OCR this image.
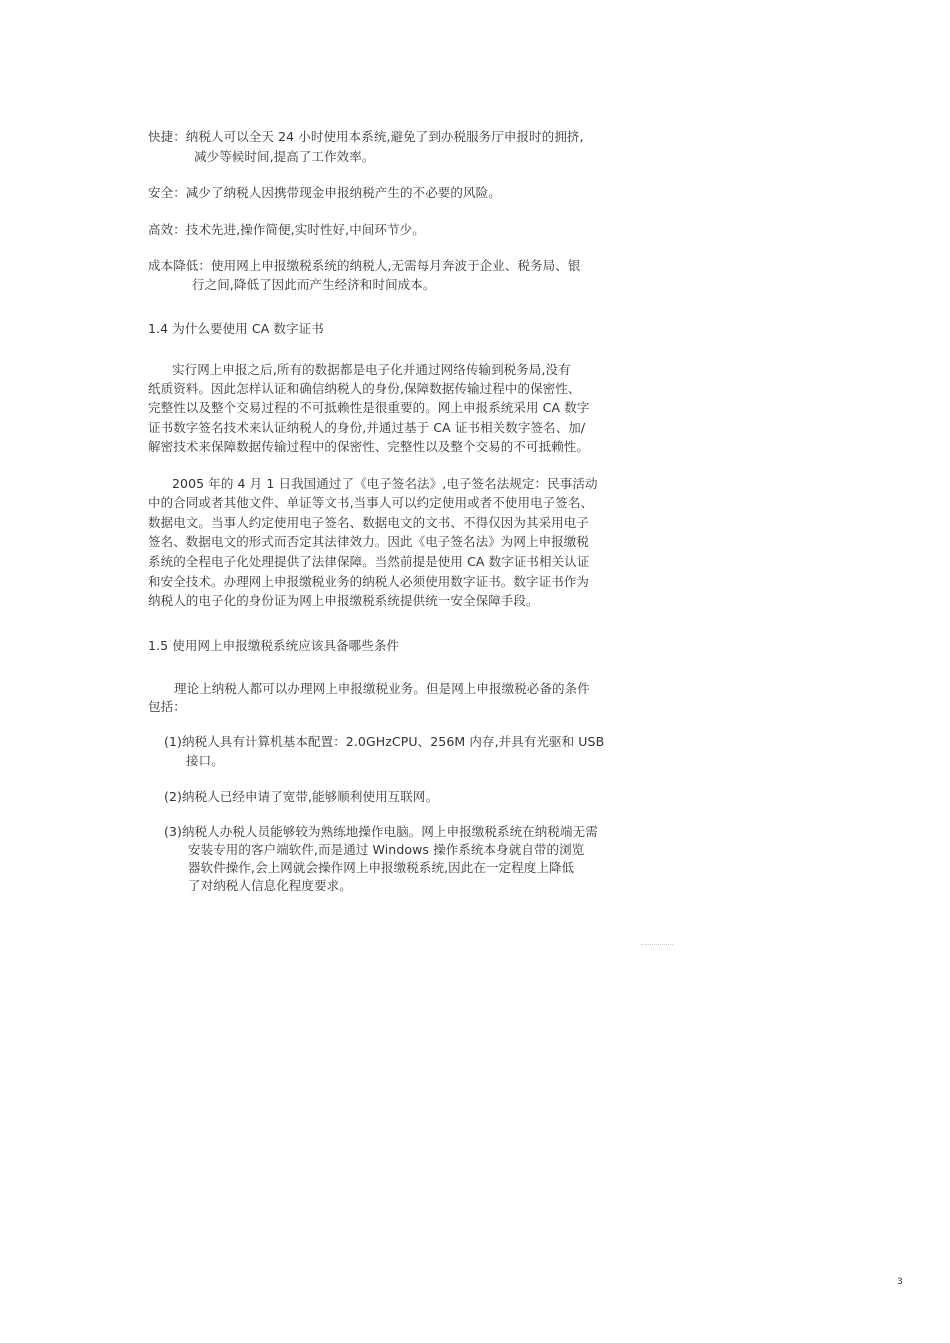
快捷：纳税人可以全天 24 小时使用本系统,避免了到办税服务厅申报时的拥挤,
减少等候时间,提高了工作效率。
安全：减少了纳税人因携带现金申报纳税产生的不必要的风险。
高效：技术先进,操作简便,实时性好,中间环节少。
成本降低：使用网上申报缴税系统的纳税人,无需每月奔波于企业、税务局、银
行之间,降低了因此而产生经济和时间成本。
1.4 为什么要使用 CA 数字证书
实行网上申报之后,所有的数据都是电子化并通过网络传输到税务局,没有
纸质资料。因此怎样认证和确信纳税人的身份,保障数据传输过程中的保密性、
完整性以及整个交易过程的不可抵赖性是很重要的。网上申报系统采用 CA 数字
证书数字签名技术来认证纳税人的身份,并通过基于 CA 证书相关数字签名、加/
解密技术来保障数据传输过程中的保密性、完整性以及整个交易的不可抵赖性。
2005 年的 4 月 1 日我国通过了《电子签名法》,电子签名法规定：民事活动
中的合同或者其他文件、单证等文书,当事人可以约定使用或者不使用电子签名、
数据电文。当事人约定使用电子签名、数据电文的文书、不得仅因为其采用电子
签名、数据电文的形式而否定其法律效力。因此《电子签名法》为网上申报缴税
系统的全程电子化处理提供了法律保障。当然前提是使用 CA 数字证书相关认证
和安全技术。办理网上申报缴税业务的纳税人必须使用数字证书。数字证书作为
纳税人的电子化的身份证为网上申报缴税系统提供统一安全保障手段。
1.5 使用网上申报缴税系统应该具备哪些条件
理论上纳税人都可以办理网上申报缴税业务。但是网上申报缴税必备的条件
包括：
(1)纳税人具有计算机基本配置：2.0GHzCPU、256M 内存,并具有光驱和 USB
接口。
(2)纳税人已经申请了宽带,能够顺利使用互联网。
(3)纳税人办税人员能够较为熟练地操作电脑。网上申报缴税系统在纳税端无需
安装专用的客户端软件,而是通过 Windows 操作系统本身就自带的浏览
器软件操作,会上网就会操作网上申报缴税系统,因此在一定程度上降低
了对纳税人信息化程度要求。
3
